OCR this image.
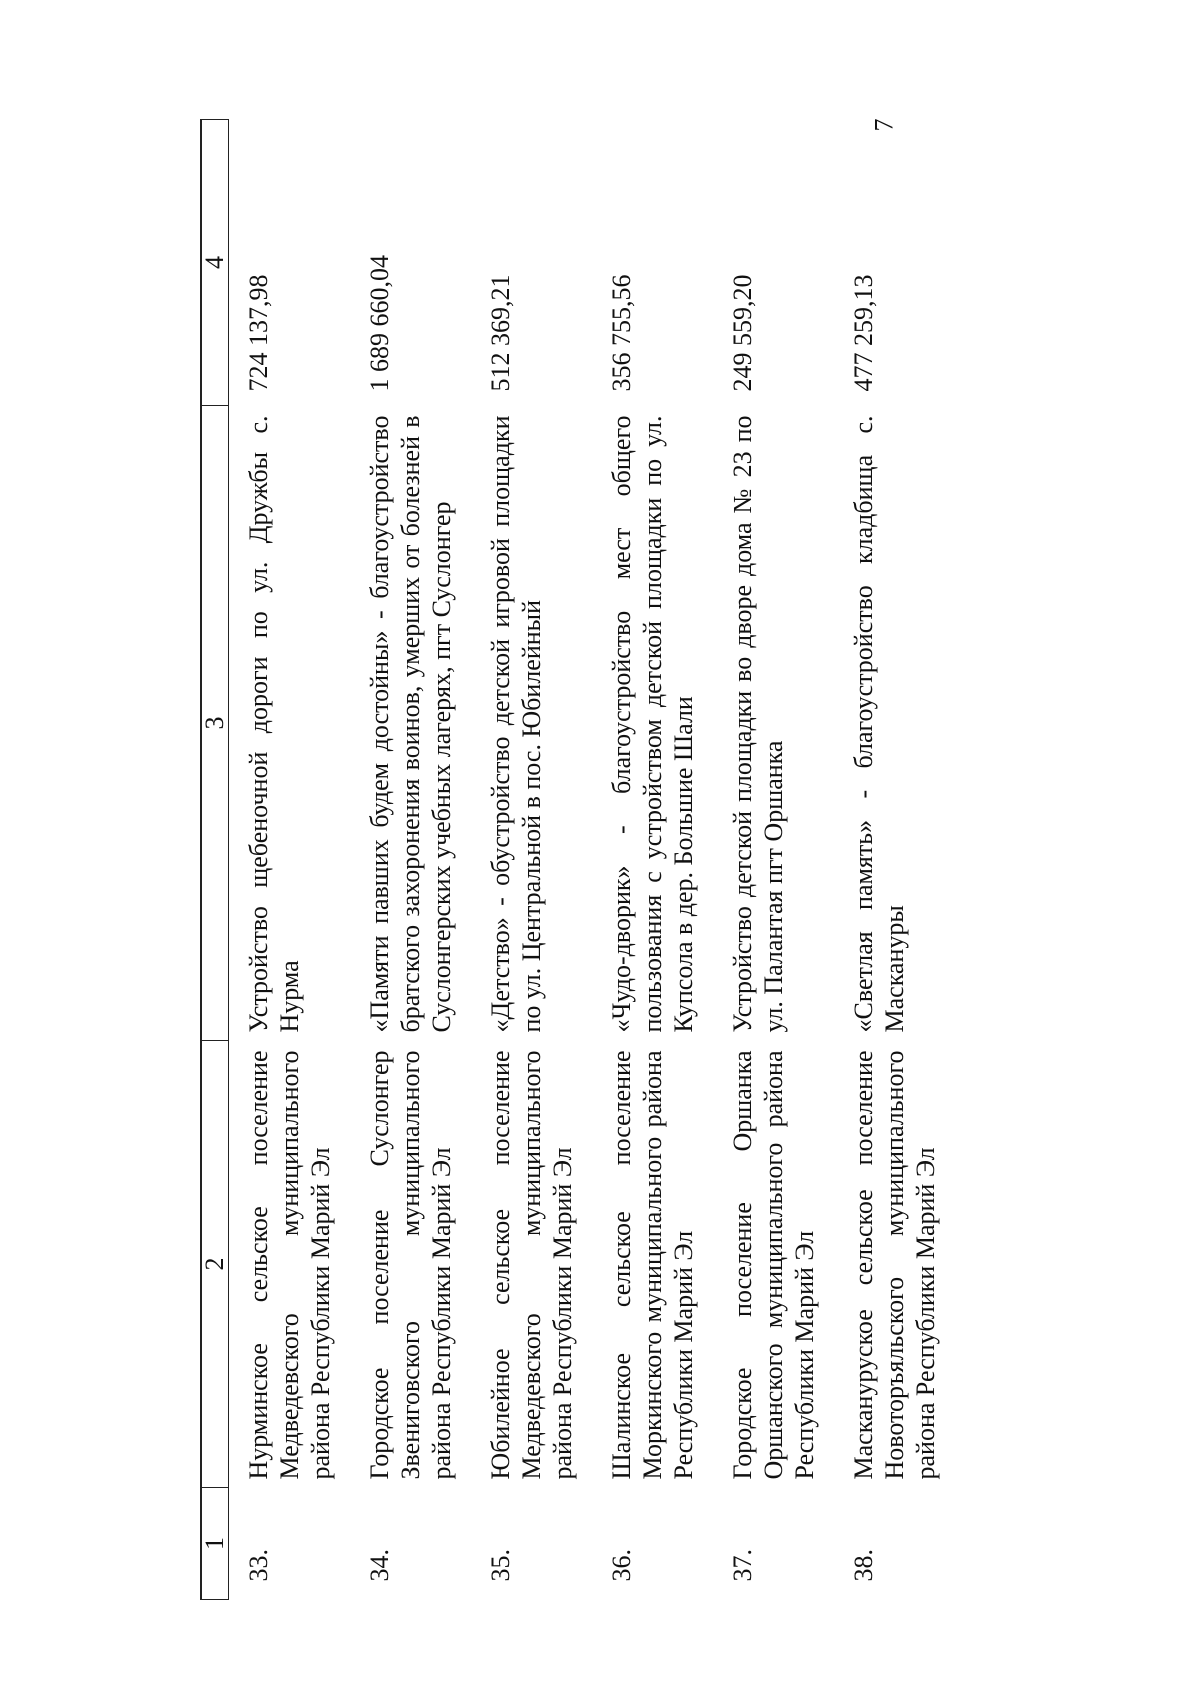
7
1	2	3	4
33.	Нурминское сельское поселение Медведевского муниципального района Республики Марий Эл	Устройство щебеночной дороги по ул. Дружбы с. Нурма	724 137,98
34.	Городское поселение Суслонгер Звениговского муниципального района Республики Марий Эл	«Памяти павших будем достойны» - благоустройство братского захоронения воинов, умерших от болезней в Суслонгерских учебных лагерях, пгт Суслонгер	1 689 660,04
35.	Юбилейное сельское поселение Медведевского муниципального района Республики Марий Эл	«Детство» - обустройство детской игровой площадки по ул. Центральной в пос. Юбилейный	512 369,21
36.	Шалинское сельское поселение Моркинского муниципального района Республики Марий Эл	«Чудо-дворик» - благоустройство мест общего пользования с устройством детской площадки по ул. Купсола в дер. Большие Шали	356 755,56
37.	Городское поселение Оршанка Оршанского муниципального района Республики Марий Эл	Устройство детской площадки во дворе дома № 23 по ул. Палантая пгт Оршанка	249 559,20
38.	Маскануруское сельское поселение Новоторъяльского муниципального района Республики Марий Эл	«Светлая память» - благоустройство кладбища с. Маскануры	477 259,13
